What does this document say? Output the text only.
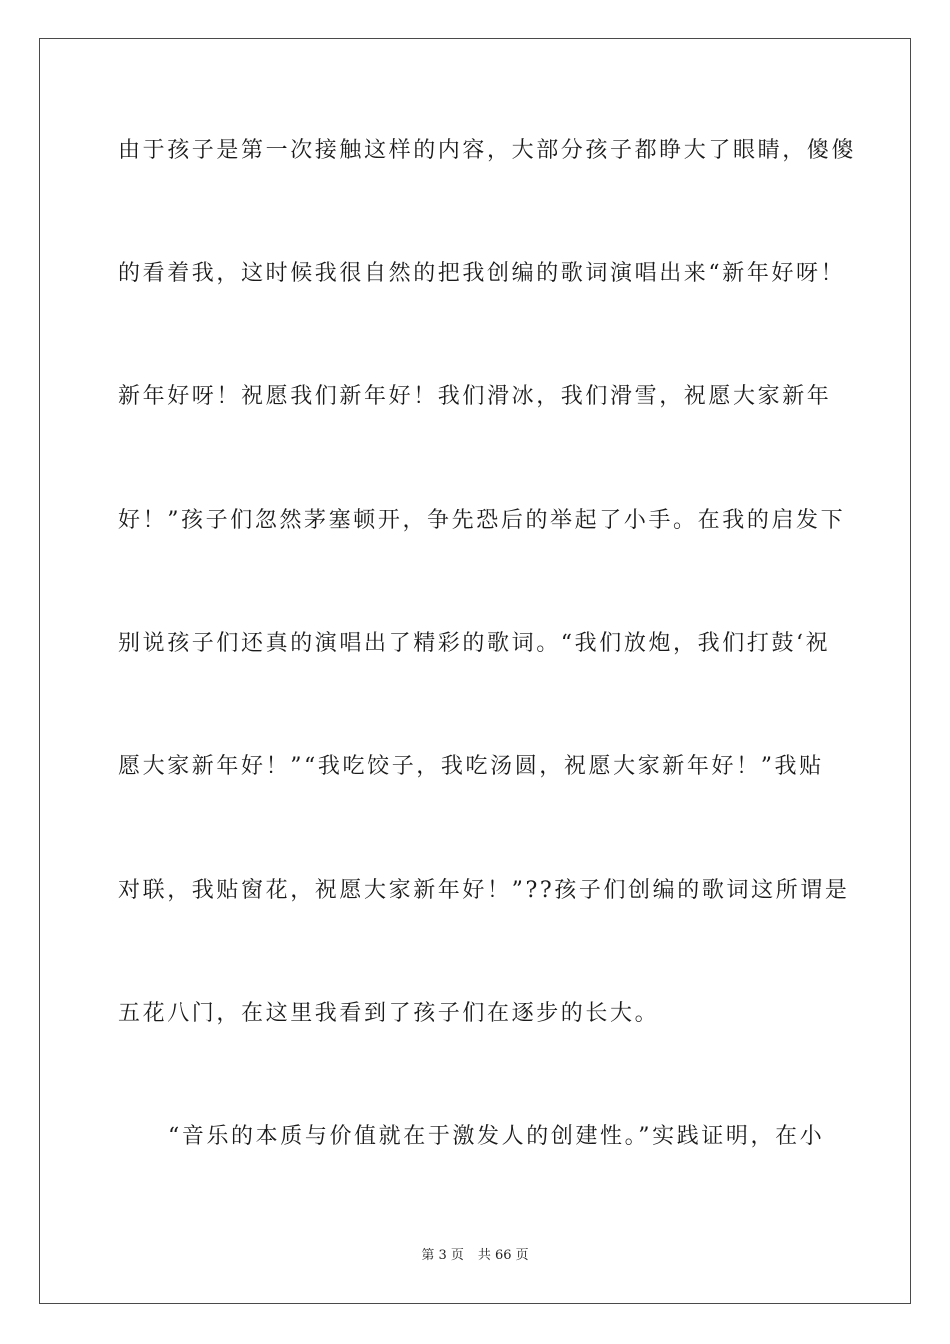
由于孩子是第一次接触这样的内容，大部分孩子都睁大了眼睛，傻傻
的看着我，这时候我很自然的把我创编的歌词演唱出来“新年好呀！
新年好呀！祝愿我们新年好！我们滑冰，我们滑雪，祝愿大家新年
好！”孩子们忽然茅塞顿开，争先恐后的举起了小手。在我的启发下
别说孩子们还真的演唱出了精彩的歌词。“我们放炮，我们打鼓‘祝
愿大家新年好！”“我吃饺子，我吃汤圆，祝愿大家新年好！”我贴
对联，我贴窗花，祝愿大家新年好！”??孩子们创编的歌词这所谓是
五花八门，在这里我看到了孩子们在逐步的长大。
“音乐的本质与价值就在于激发人的创建性。”实践证明，在小
第 3 页 共 66 页
